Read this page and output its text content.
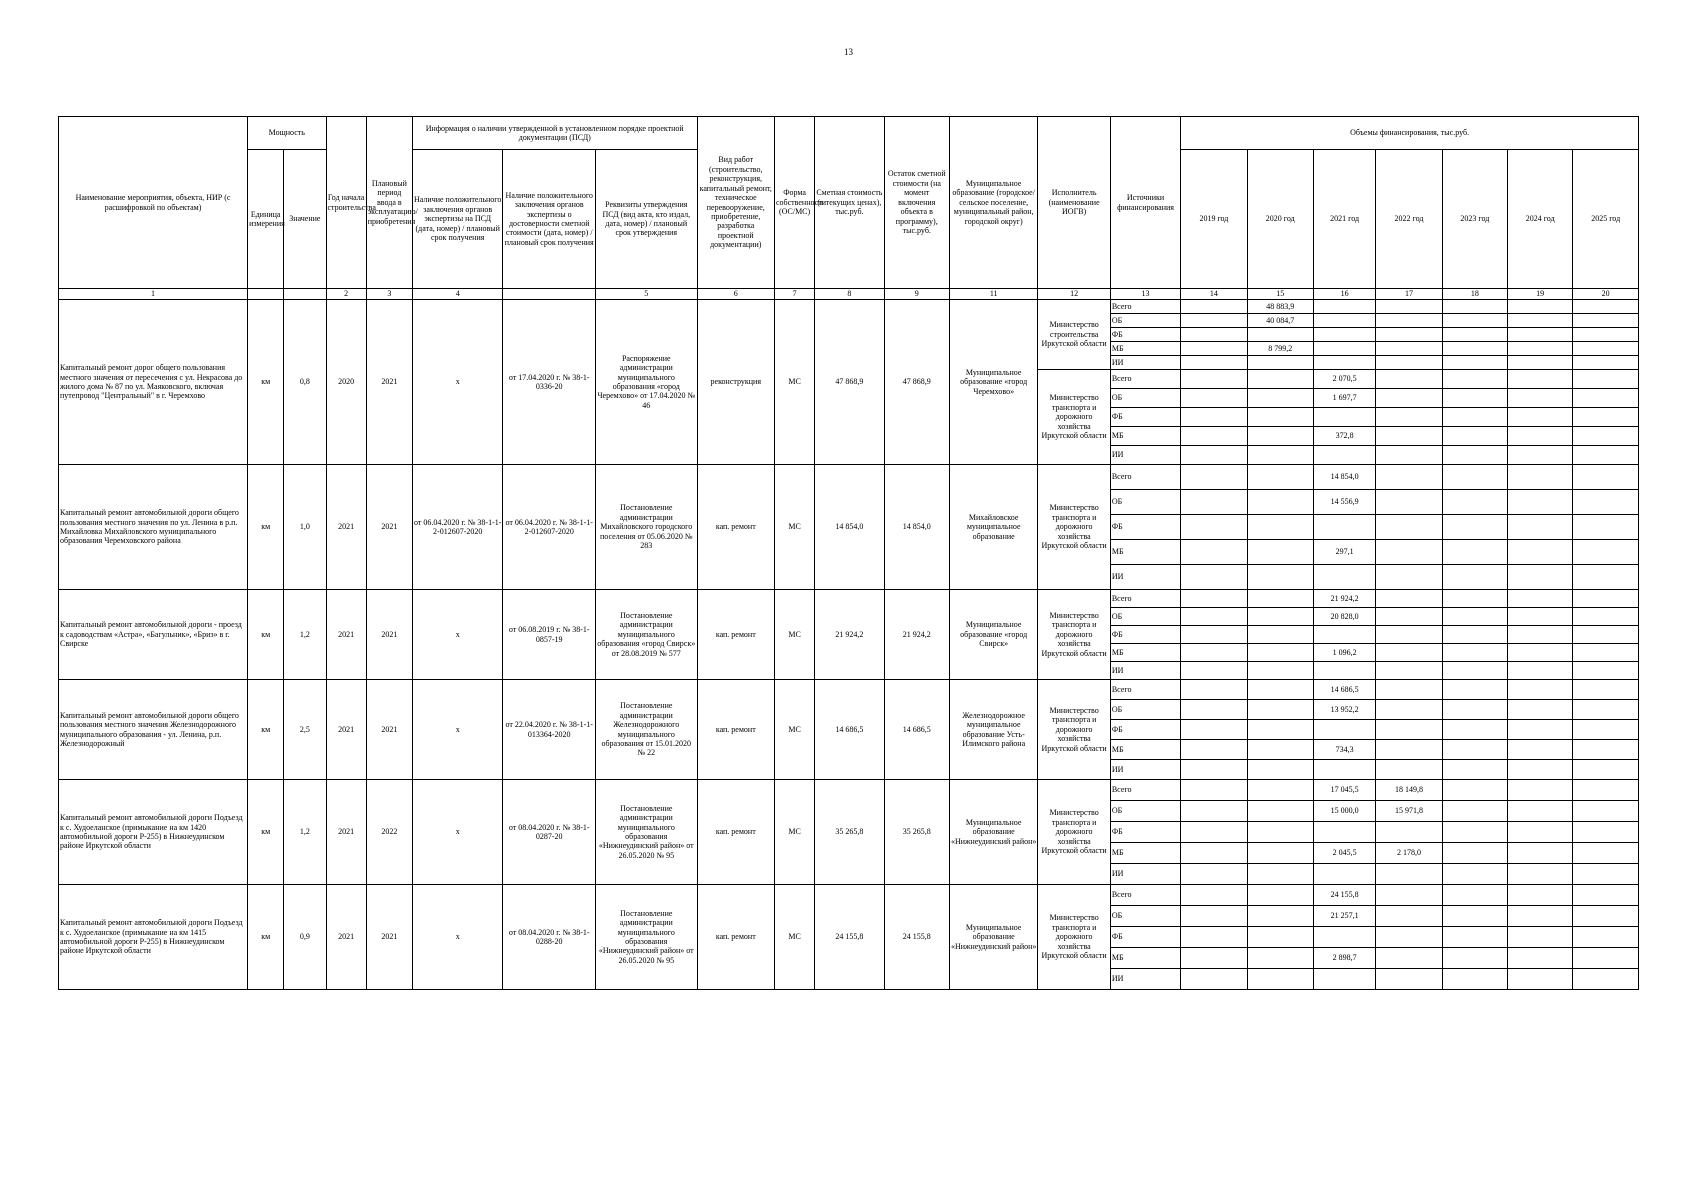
13
Наименование мероприятия, объекта, НИР (с расшифровкой по объектам)	Мощность		Год начала строительства	Плановый период ввода в эксплуатацию/приобретения	Информация о наличии утвержденной в установленном порядке проектной документации (ПСД)			Вид работ (строительство, реконструкция, капитальный ремонт, техническое перевооружение, приобретение, разработка проектной документации)	Форма собственности (ОС/МС)	Сметная стоимость (в текущих ценах), тыс.руб.	Остаток сметной стоимости (на момент включения объекта в программу), тыс.руб.	Муниципальное образование (городское/сельское поселение, муниципальный район, городской округ)	Исполнитель (наименование ИОГВ)	Источники финансирования	Объемы финансирования, тыс.руб.						
	Единица измерения	Значение			Наличие положительного заключения органов экспертизы на ПСД (дата, номер) / плановый срок получения	Наличие положительного заключения органов экспертизы о достоверности сметной стоимости (дата, номер) / плановый срок получения	Реквизиты утверждения ПСД (вид акта, кто издал, дата, номер) / плановый срок утверждения								2019 год	2020 год	2021 год	2022 год	2023 год	2024 год	2025 год
1			2	3	4		5	6	7	8	9	11	12	13	14	15	16	17	18	19	20
Капитальный ремонт дорог общего пользования местного значения от пересечения с ул. Некрасова до жилого дома № 87 по ул. Маяковского, включая путепровод "Центральный" в г. Черемхово	км	0,8	2020	2021	х	от 17.04.2020 г. № 38-1-0336-20	Распоряжение администрации муниципального образования «город Черемхово» от 17.04.2020 № 46	реконструкция	МС	47 868,9	47 868,9	Муниципальное образование «город Черемхово»	Министерство строительства Иркутской области	Всего		48 883,9					
														ОБ		40 084,7					
														ФБ							
														МБ		8 799,2					
														ИИ							
													Министерство транспорта и дорожного хозяйства Иркутской области	Всего			2 070,5				
														ОБ			1 697,7				
														ФБ							
														МБ			372,8				
														ИИ							
Капитальный ремонт автомобильной дороги общего пользования местного значения по ул. Ленина в р.п. Михайловка Михайловского муниципального образования Черемховского района	км	1,0	2021	2021	от 06.04.2020 г. № 38-1-1-2-012607-2020	от 06.04.2020 г. № 38-1-1-2-012607-2020	Постановление администрации Михайловского городского поселения от 05.06.2020 № 283	кап. ремонт	МС	14 854,0	14 854,0	Михайловское муниципальное образование	Министерство транспорта и дорожного хозяйства Иркутской области	Всего			14 854,0				
														ОБ			14 556,9				
														ФБ							
														МБ			297,1				
														ИИ							
Капитальный ремонт автомобильной дороги - проезд к садоводствам «Астра», «Багульник», «Бриз» в г. Свирске	км	1,2	2021	2021	х	от 06.08.2019 г. № 38-1-0857-19	Постановление администрации муниципального образования «город Свирск» от 28.08.2019 № 577	кап. ремонт	МС	21 924,2	21 924,2	Муниципальное образование «город Свирск»	Министерство транспорта и дорожного хозяйства Иркутской области	Всего			21 924,2				
														ОБ			20 828,0				
														ФБ							
														МБ			1 096,2				
														ИИ							
Капитальный ремонт автомобильной дороги общего пользования местного значения Железнодорожного муниципального образования - ул. Ленина, р.п. Железнодорожный	км	2,5	2021	2021	х	от 22.04.2020 г. № 38-1-1-013364-2020	Постановление администрации Железнодорожного муниципального образования от 15.01.2020 № 22	кап. ремонт	МС	14 686,5	14 686,5	Железнодорожное муниципальное образование Усть-Илимского района	Министерство транспорта и дорожного хозяйства Иркутской области	Всего			14 686,5				
														ОБ			13 952,2				
														ФБ							
														МБ			734,3				
														ИИ							
Капитальный ремонт автомобильной дороги Подъезд к с. Худоеланское (примыкание на км 1420 автомобильной дороги Р-255) в Нижнеудинском районе Иркутской области	км	1,2	2021	2022	х	от 08.04.2020 г. № 38-1-0287-20	Постановление администрации муниципального образования «Нижнеудинский район» от 26.05.2020 № 95	кап. ремонт	МС	35 265,8	35 265,8	Муниципальное образование «Нижнеудинский район»	Министерство транспорта и дорожного хозяйства Иркутской области	Всего			17 045,5	18 149,8			
														ОБ			15 000,0	15 971,8			
														ФБ							
														МБ			2 045,5	2 178,0			
														ИИ							
Капитальный ремонт автомобильной дороги Подъезд к с. Худоеланское (примыкание на км 1415 автомобильной дороги Р-255) в Нижнеудинском районе Иркутской области	км	0,9	2021	2021	х	от 08.04.2020 г. № 38-1-0288-20	Постановление администрации муниципального образования «Нижнеудинский район» от 26.05.2020 № 95	кап. ремонт	МС	24 155,8	24 155,8	Муниципальное образование «Нижнеудинский район»	Министерство транспорта и дорожного хозяйства Иркутской области	Всего			24 155,8				
														ОБ			21 257,1				
														ФБ							
														МБ			2 898,7				
														ИИ							
